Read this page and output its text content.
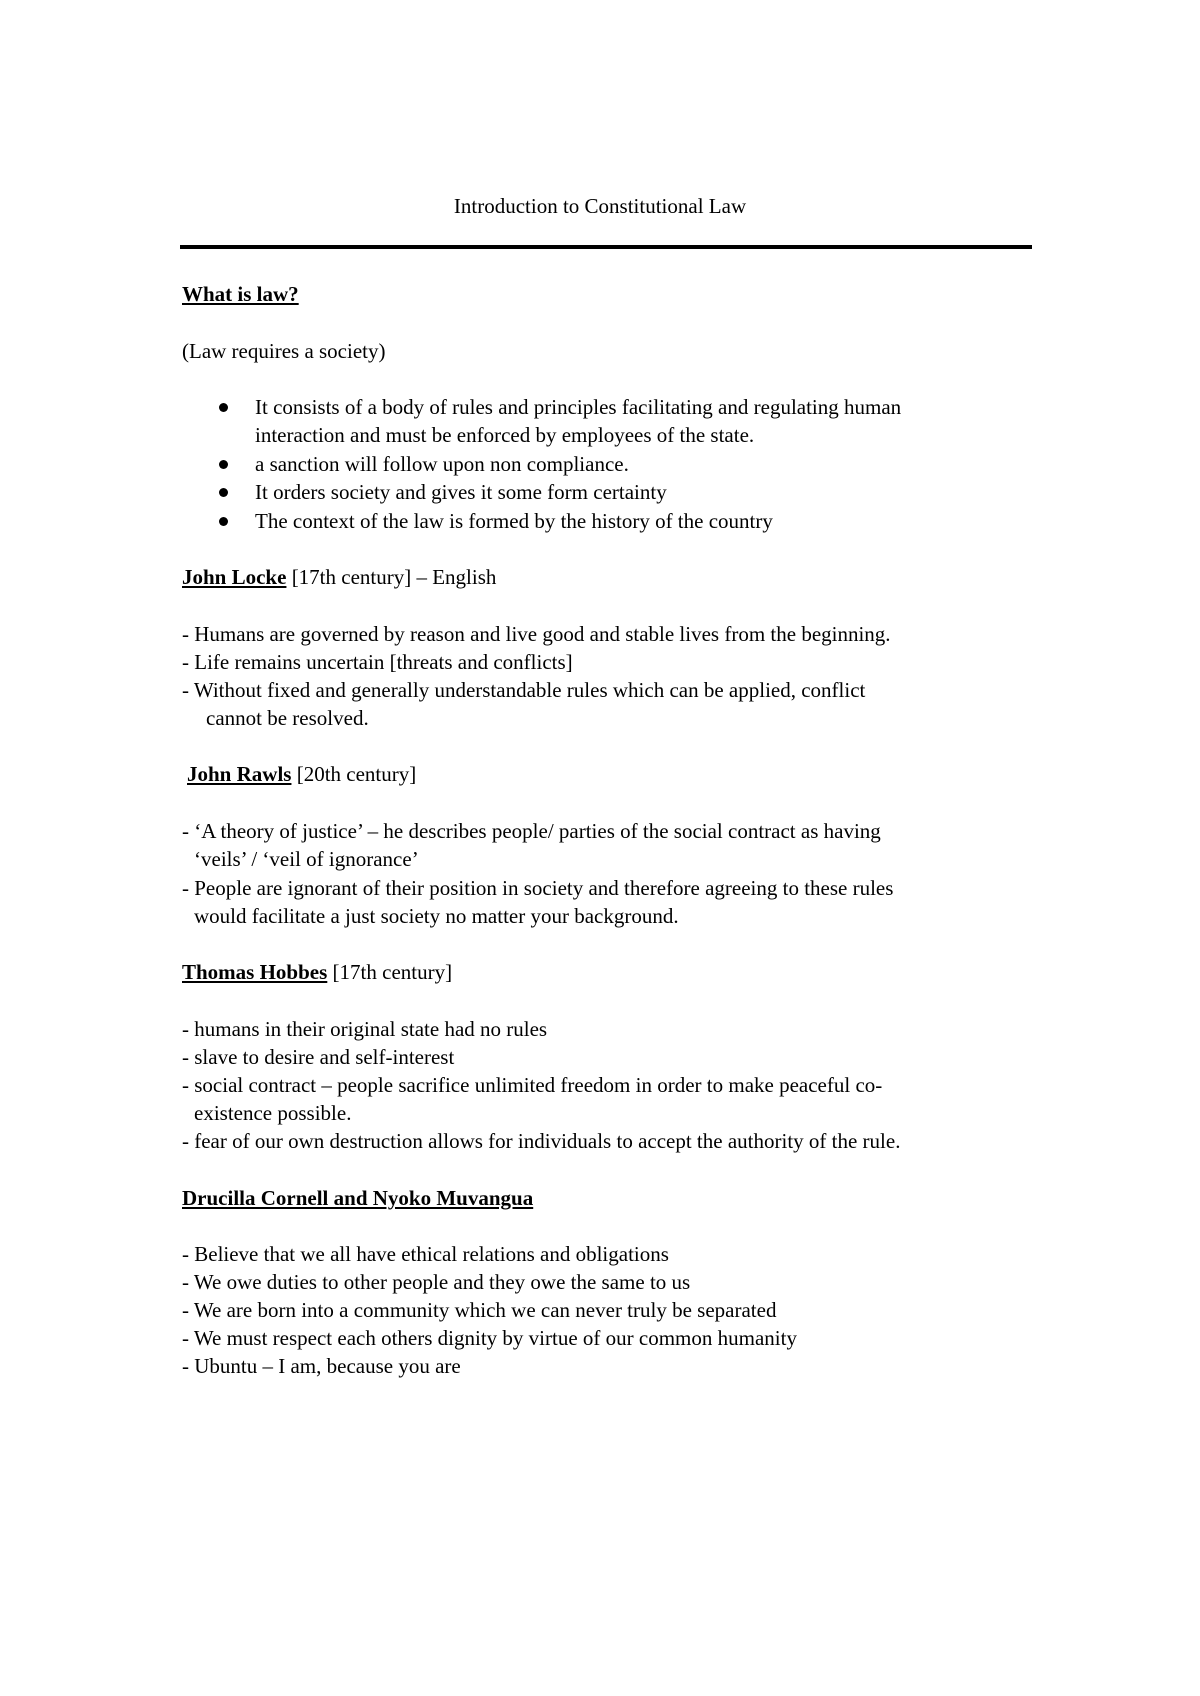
Introduction to Constitutional Law
What is law?
(Law requires a society)
It consists of a body of rules and principles facilitating and regulating human
interaction and must be enforced by employees of the state.
a sanction will follow upon non compliance.
It orders society and gives it some form certainty
The context of the law is formed by the history of the country
John Locke [17th century] – English
- Humans are governed by reason and live good and stable lives from the beginning.
- Life remains uncertain [threats and conflicts]
- Without fixed and generally understandable rules which can be applied, conflict
cannot be resolved.
John Rawls [20th century]
- ‘A theory of justice’ – he describes people/ parties of the social contract as having
‘veils’ / ‘veil of ignorance’
- People are ignorant of their position in society and therefore agreeing to these rules
would facilitate a just society no matter your background.
Thomas Hobbes [17th century]
- humans in their original state had no rules
- slave to desire and self-interest
- social contract – people sacrifice unlimited freedom in order to make peaceful co-
existence possible.
- fear of our own destruction allows for individuals to accept the authority of the rule.
Drucilla Cornell and Nyoko Muvangua
- Believe that we all have ethical relations and obligations
- We owe duties to other people and they owe the same to us
- We are born into a community which we can never truly be separated
- We must respect each others dignity by virtue of our common humanity
- Ubuntu – I am, because you are
